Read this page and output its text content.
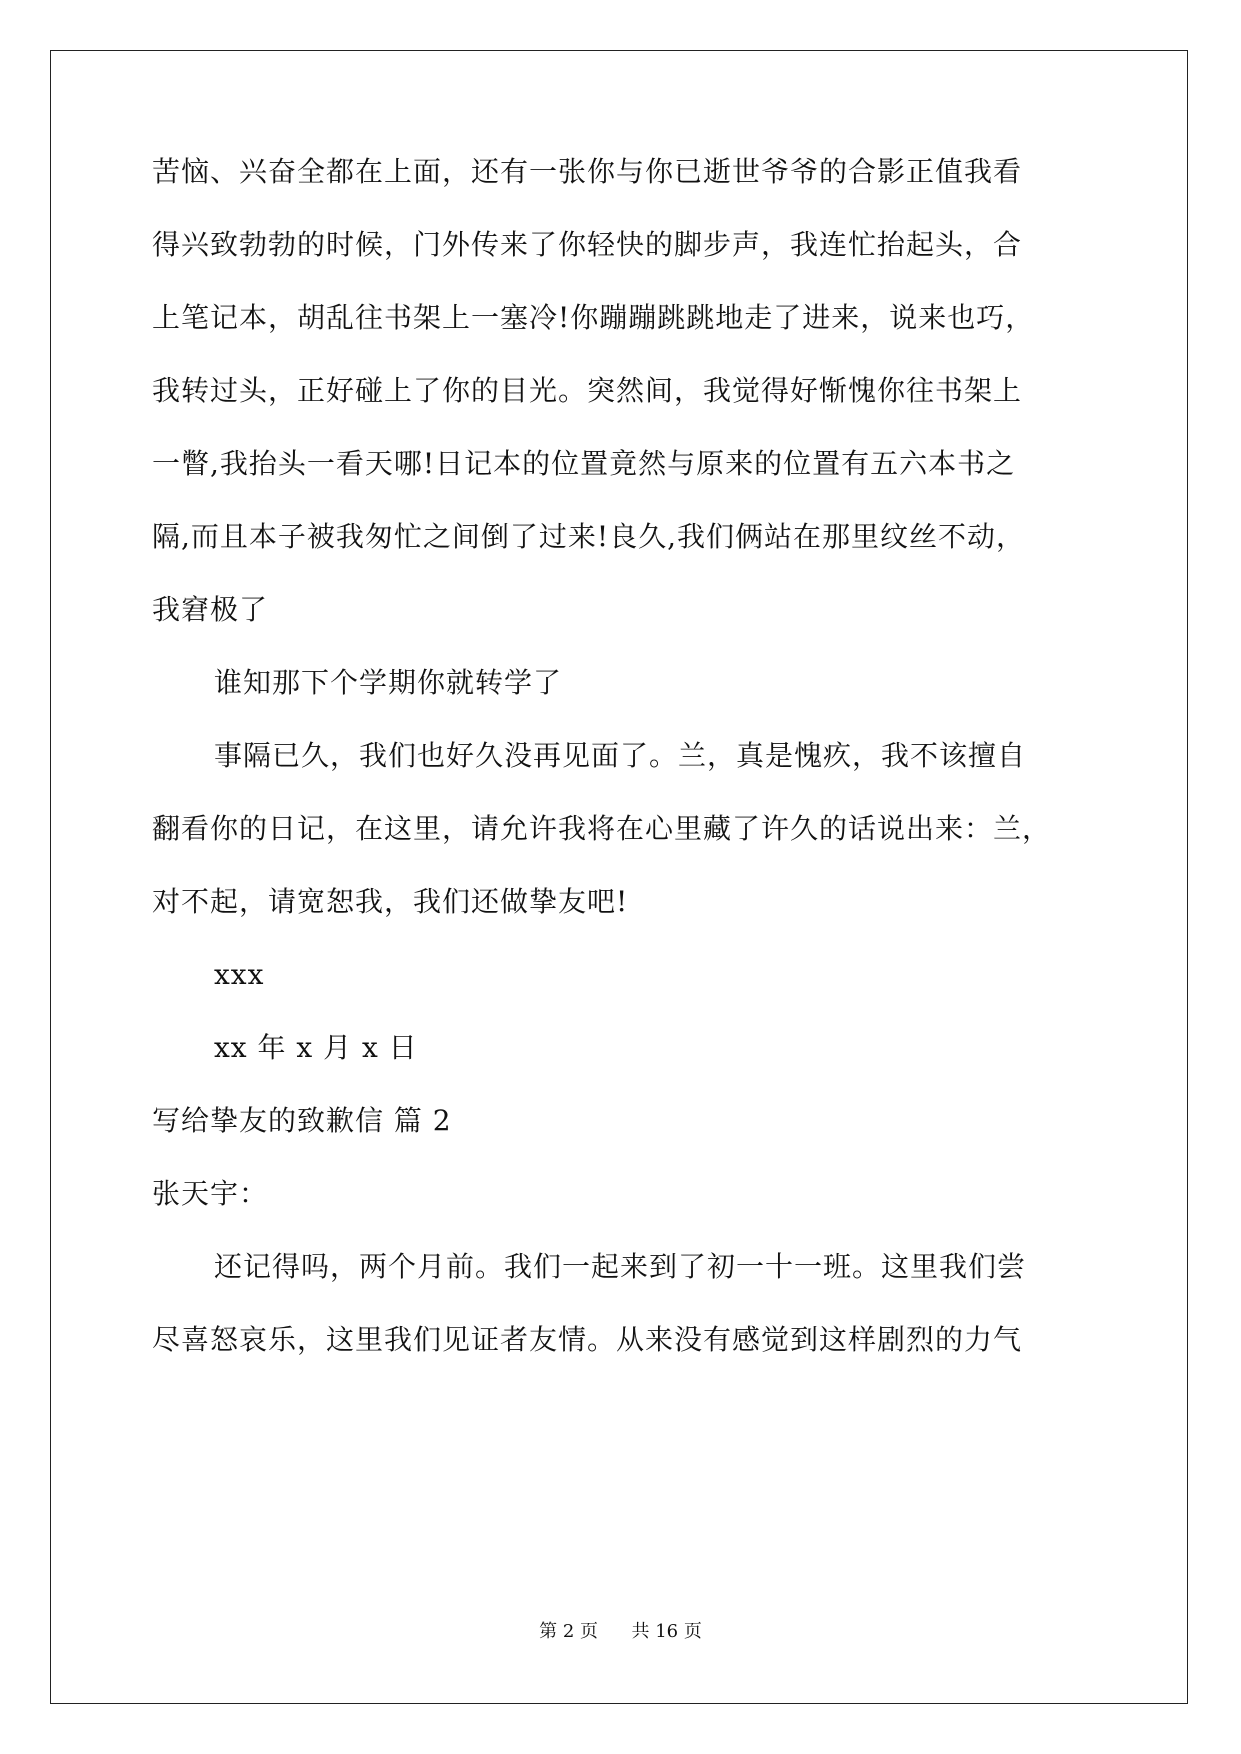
苦恼、兴奋全都在上面，还有一张你与你已逝世爷爷的合影正值我看
得兴致勃勃的时候，门外传来了你轻快的脚步声，我连忙抬起头，合
上笔记本，胡乱往书架上一塞冷!你蹦蹦跳跳地走了进来，说来也巧，
我转过头，正好碰上了你的目光。突然间，我觉得好惭愧你往书架上
一瞥,我抬头一看天哪!日记本的位置竟然与原来的位置有五六本书之
隔,而且本子被我匆忙之间倒了过来!良久,我们俩站在那里纹丝不动，
我窘极了
谁知那下个学期你就转学了
事隔已久，我们也好久没再见面了。兰，真是愧疚，我不该擅自
翻看你的日记，在这里，请允许我将在心里藏了许久的话说出来：兰，
对不起，请宽恕我，我们还做挚友吧!
xxx
xx 年 x 月 x 日
写给挚友的致歉信 篇 2
张天宇：
还记得吗，两个月前。我们一起来到了初一十一班。这里我们尝
尽喜怒哀乐，这里我们见证者友情。从来没有感觉到这样剧烈的力气
第 2 页 共 16 页
